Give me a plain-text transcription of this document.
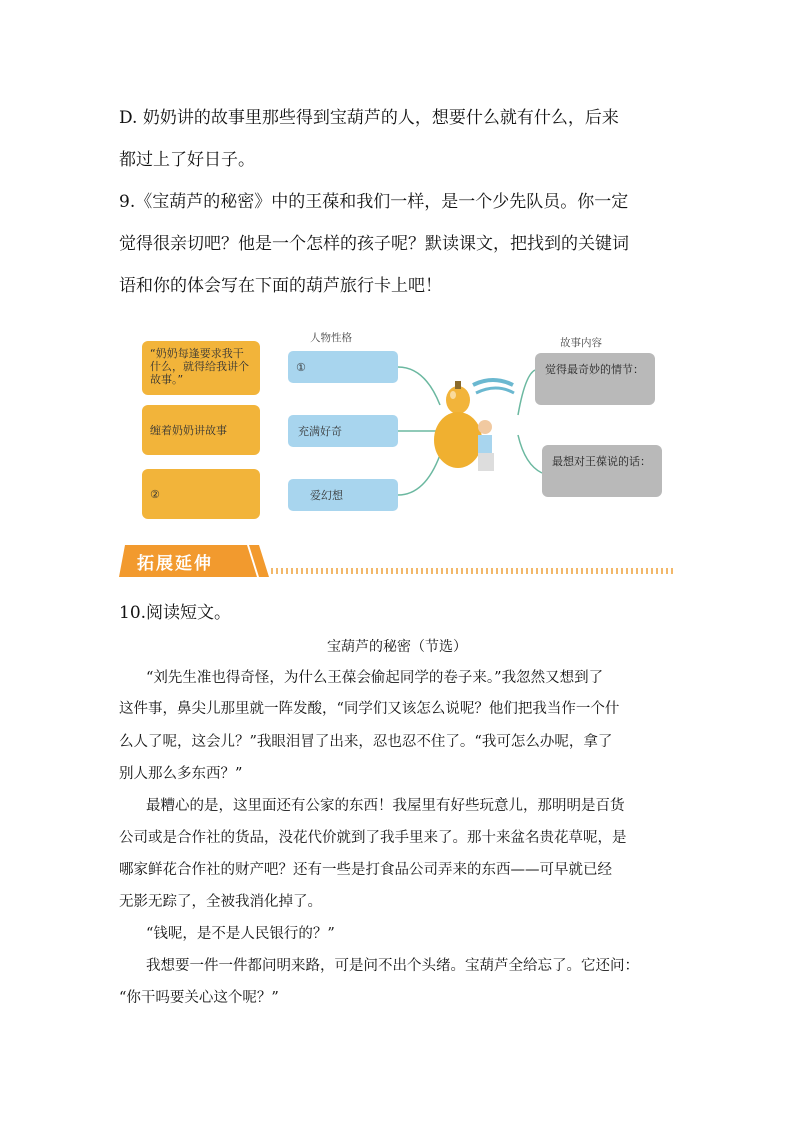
D. 奶奶讲的故事里那些得到宝葫芦的人，想要什么就有什么，后来
都过上了好日子。
9.《宝葫芦的秘密》中的王葆和我们一样，是一个少先队员。你一定
觉得很亲切吧？他是一个怎样的孩子呢？默读课文，把找到的关键词
语和你的体会写在下面的葫芦旅行卡上吧！
人物性格	故事内容
“奶奶每逢要求我干什么，就得给我讲个故事。”
缠着奶奶讲故事
②
①
充满好奇
爱幻想
觉得最奇妙的情节：
最想对王葆说的话：
拓展延伸
10.阅读短文。
宝葫芦的秘密（节选）
“刘先生准也得奇怪，为什么王葆会偷起同学的卷子来。”我忽然又想到了
这件事，鼻尖儿那里就一阵发酸，“同学们又该怎么说呢？他们把我当作一个什
么人了呢，这会儿？”我眼泪冒了出来，忍也忍不住了。“我可怎么办呢，拿了
别人那么多东西？”
最糟心的是，这里面还有公家的东西！我屋里有好些玩意儿，那明明是百货
公司或是合作社的货品，没花代价就到了我手里来了。那十来盆名贵花草呢，是
哪家鲜花合作社的财产吧？还有一些是打食品公司弄来的东西——可早就已经
无影无踪了，全被我消化掉了。
“钱呢，是不是人民银行的？”
我想要一件一件都问明来路，可是问不出个头绪。宝葫芦全给忘了。它还问：
“你干吗要关心这个呢？”
